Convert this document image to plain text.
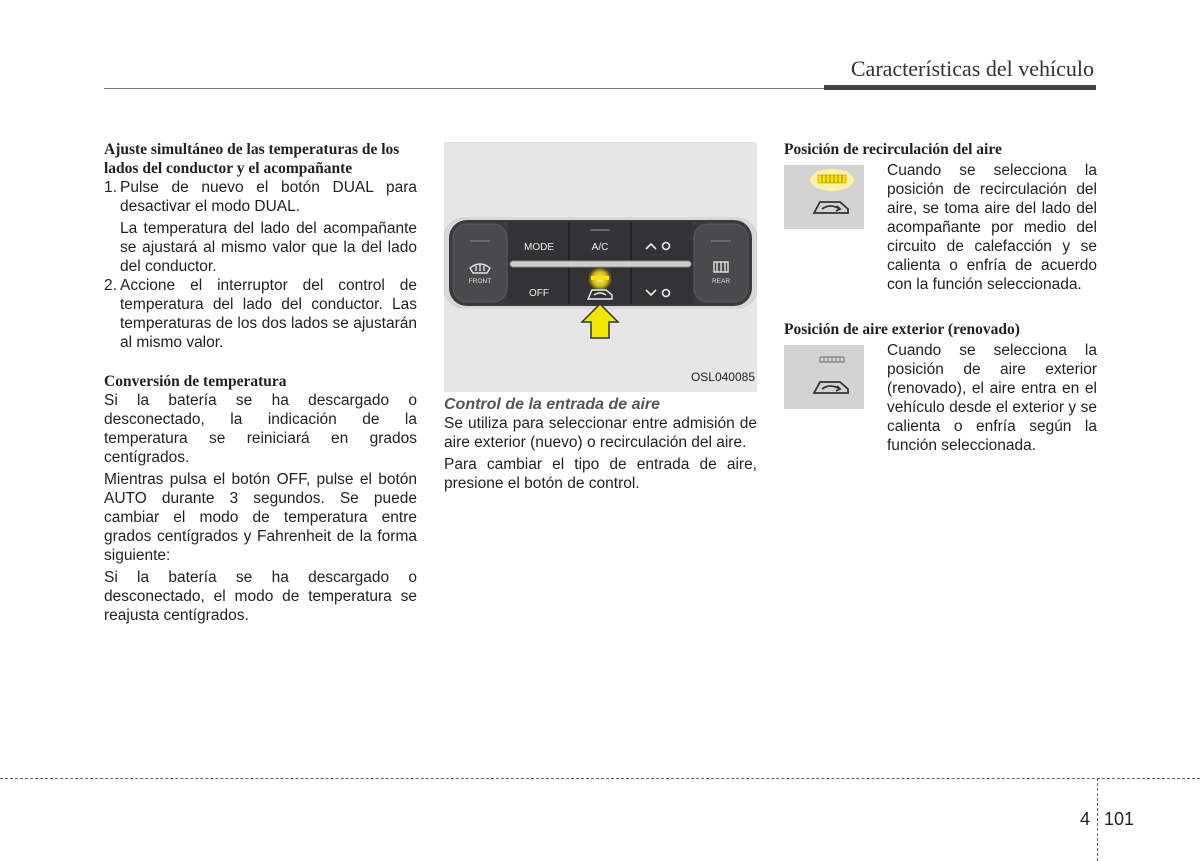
Características del vehículo
Ajuste simultáneo de las temperaturas de los lados del conductor y el acompañante
1. Pulse de nuevo el botón DUAL para desactivar el modo DUAL.

La temperatura del lado del acompañante se ajustará al mismo valor que la del lado del conductor.

2. Accione el interruptor del control de temperatura del lado del conductor. Las temperaturas de los dos lados se ajustarán al mismo valor.

Conversión de temperatura

Si la batería se ha descargado o desconectado, la indicación de la temperatura se reiniciará en grados centígrados.

Mientras pulsa el botón OFF, pulse el botón AUTO durante 3 segundos. Se puede cambiar el modo de temperatura entre grados centígrados y Fahrenheit de la forma siguiente:

Si la batería se ha descargado o desconectado, el modo de temperatura se reajusta centígrados.

FRONT	REAR
MODE	A/C
OFF
OSL040085
Control de la entrada de aire

Se utiliza para seleccionar entre admisión de aire exterior (nuevo) o recirculación del aire.

Para cambiar el tipo de entrada de aire, presione el botón de control.

Posición de recirculación del aire

Cuando se selecciona la posición de recirculación del aire, se toma aire del lado del acompañante por medio del circuito de calefacción y se calienta o enfría de acuerdo con la función seleccionada.

Posición de aire exterior (renovado)

Cuando se selecciona la posición de aire exterior (renovado), el aire entra en el vehículo desde el exterior y se calienta o enfría según la función seleccionada.

4 101
